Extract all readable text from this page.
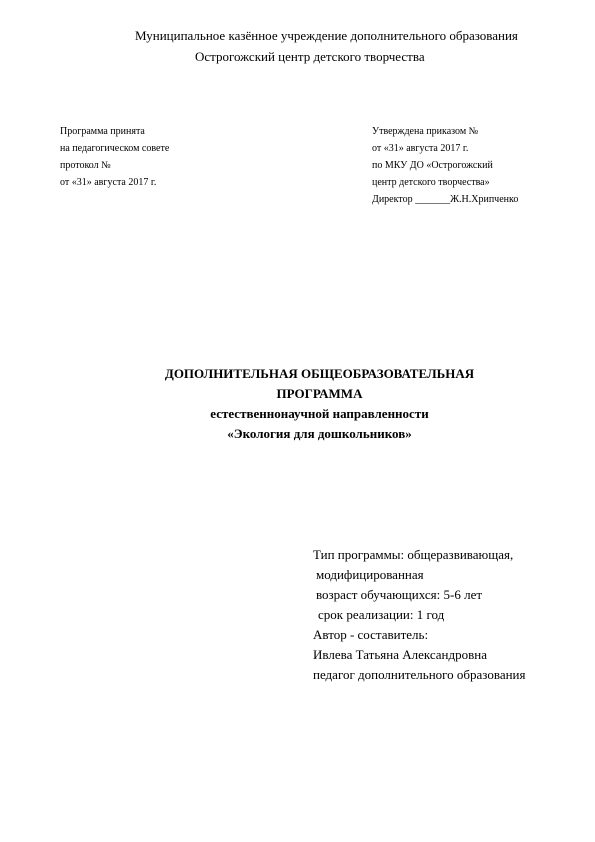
Муниципальное казённое учреждение дополнительного образования
Острогожский центр детского творчества
Программа принята
на педагогическом совете
протокол №
от «31» августа 2017 г.
Утверждена приказом №
от «31» августа 2017 г.
по МКУ ДО «Острогожский
центр детского творчества»
Директор _______Ж.Н.Хрипченко
ДОПОЛНИТЕЛЬНАЯ ОБЩЕОБРАЗОВАТЕЛЬНАЯ
ПРОГРАММА
естественнонаучной направленности
«Экология для дошкольников»
Тип программы: общеразвивающая,
модифицированная
возраст обучающихся: 5-6 лет
срок реализации: 1 год
Автор - составитель:
Ивлева Татьяна Александровна
педагог дополнительного образования
